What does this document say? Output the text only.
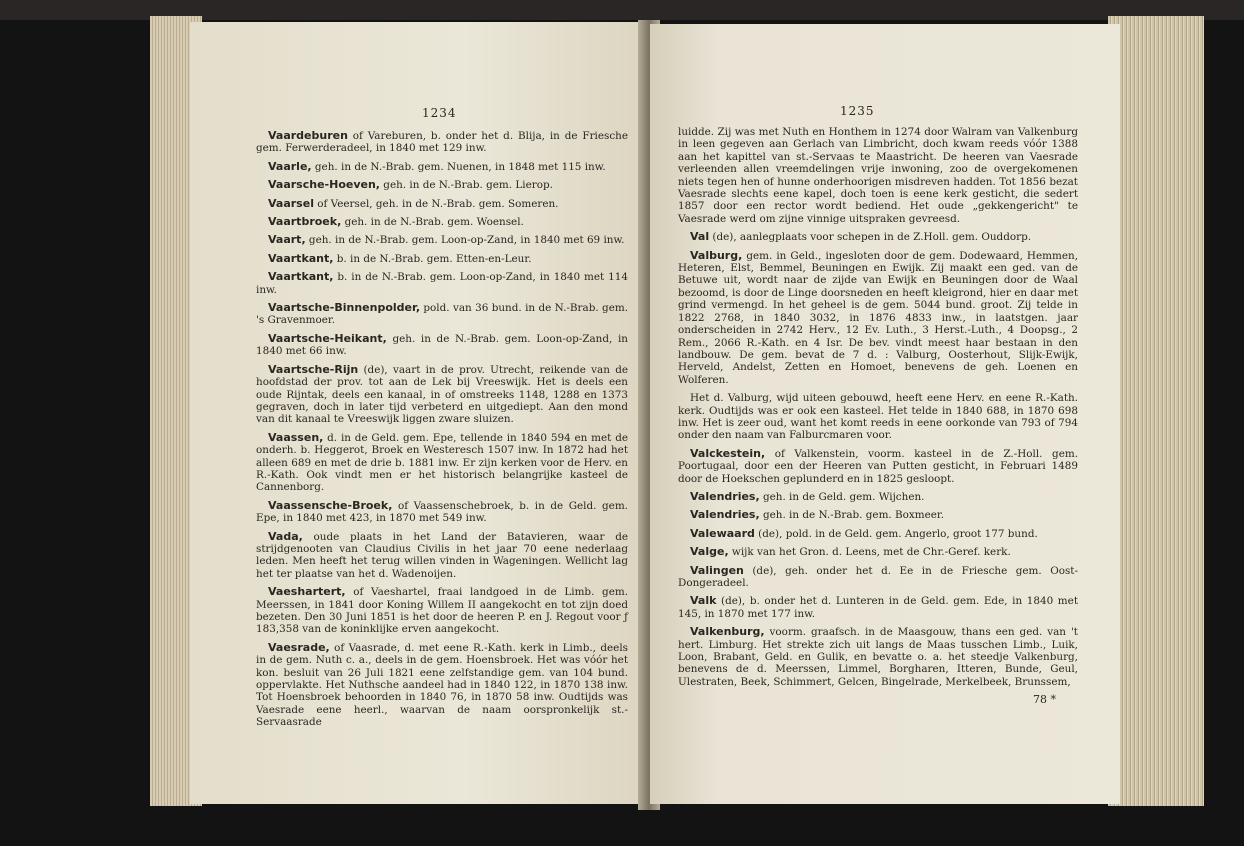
1234

Vaardeburen of Vareburen, b. onder het d. Blija, in de Friesche gem. Ferwerderadeel, in 1840 met 129 inw.

Vaarle, geh. in de N.-Brab. gem. Nuenen, in 1848 met 115 inw.

Vaarsche-Hoeven, geh. in de N.-Brab. gem. Lierop.

Vaarsel of Veersel, geh. in de N.-Brab. gem. Someren.

Vaartbroek, geh. in de N.-Brab. gem. Woensel.

Vaart, geh. in de N.-Brab. gem. Loon-op-Zand, in 1840 met 69 inw.

Vaartkant, b. in de N.-Brab. gem. Etten-en-Leur.

Vaartkant, b. in de N.-Brab. gem. Loon-op-Zand, in 1840 met 114 inw.

Vaartsche-Binnenpolder, pold. van 36 bund. in de N.-Brab. gem. 's Gravenmoer.

Vaartsche-Heikant, geh. in de N.-Brab. gem. Loon-op-Zand, in 1840 met 66 inw.

Vaartsche-Rijn (de), vaart in de prov. Utrecht, reikende van de hoofdstad der prov. tot aan de Lek bij Vreeswijk. Het is deels een oude Rijntak, deels een kanaal, in of omstreeks 1148, 1288 en 1373 gegraven, doch in later tijd verbeterd en uitgediept. Aan den mond van dit kanaal te Vreeswijk liggen zware sluizen.

Vaassen, d. in de Geld. gem. Epe, tellende in 1840 594 en met de onderh. b. Heggerot, Broek en Westeresch 1507 inw. In 1872 had het alleen 689 en met de drie b. 1881 inw. Er zijn kerken voor de Herv. en R.-Kath. Ook vindt men er het historisch belangrijke kasteel de Cannenborg.

Vaassensche-Broek, of Vaassenschebroek, b. in de Geld. gem. Epe, in 1840 met 423, in 1870 met 549 inw.

Vada, oude plaats in het Land der Batavieren, waar de strijdgenooten van Claudius Civilis in het jaar 70 eene nederlaag leden. Men heeft het terug willen vinden in Wageningen. Wellicht lag het ter plaatse van het d. Wadenoijen.

Vaeshartert, of Vaeshartel, fraai landgoed in de Limb. gem. Meerssen, in 1841 door Koning Willem II aangekocht en tot zijn doed bezeten. Den 30 Juni 1851 is het door de heeren P. en J. Regout voor ƒ 183,358 van de koninklijke erven aangekocht.

Vaesrade, of Vaasrade, d. met eene R.-Kath. kerk in Limb., deels in de gem. Nuth c. a., deels in de gem. Hoensbroek. Het was vóór het kon. besluit van 26 Juli 1821 eene zelfstandige gem. van 104 bund. oppervlakte. Het Nuthsche aandeel had in 1840 122, in 1870 138 inw. Tot Hoensbroek behoorden in 1840 76, in 1870 58 inw. Oudtijds was Vaesrade eene heerl., waarvan de naam oorspronkelijk st.-Servaasrade

1235

luidde. Zij was met Nuth en Honthem in 1274 door Walram van Valkenburg in leen gegeven aan Gerlach van Limbricht, doch kwam reeds vóór 1388 aan het kapittel van st.-Servaas te Maastricht. De heeren van Vaesrade verleenden allen vreemdelingen vrije inwoning, zoo de overgekomenen niets tegen hen of hunne onderhoorigen misdreven hadden. Tot 1856 bezat Vaesrade slechts eene kapel, doch toen is eene kerk gesticht, die sedert 1857 door een rector wordt bediend. Het oude „gekkengericht" te Vaesrade werd om zijne vinnige uitspraken gevreesd.

Val (de), aanlegplaats voor schepen in de Z.Holl. gem. Ouddorp.

Valburg, gem. in Geld., ingesloten door de gem. Dodewaard, Hemmen, Heteren, Elst, Bemmel, Beuningen en Ewijk. Zij maakt een ged. van de Betuwe uit, wordt naar de zijde van Ewijk en Beuningen door de Waal bezoomd, is door de Linge doorsneden en heeft kleigrond, hier en daar met grind vermengd. In het geheel is de gem. 5044 bund. groot. Zij telde in 1822 2768, in 1840 3032, in 1876 4833 inw., in laatstgen. jaar onderscheiden in 2742 Herv., 12 Ev. Luth., 3 Herst.-Luth., 4 Doopsg., 2 Rem., 2066 R.-Kath. en 4 Isr. De bev. vindt meest haar bestaan in den landbouw. De gem. bevat de 7 d. : Valburg, Oosterhout, Slijk-Ewijk, Herveld, Andelst, Zetten en Homoet, benevens de geh. Loenen en Wolferen.

Het d. Valburg, wijd uiteen gebouwd, heeft eene Herv. en eene R.-Kath. kerk. Oudtijds was er ook een kasteel. Het telde in 1840 688, in 1870 698 inw. Het is zeer oud, want het komt reeds in eene oorkonde van 793 of 794 onder den naam van Falburcmaren voor.

Valckestein, of Valkenstein, voorm. kasteel in de Z.-Holl. gem. Poortugaal, door een der Heeren van Putten gesticht, in Februari 1489 door de Hoekschen geplunderd en in 1825 gesloopt.

Valendries, geh. in de Geld. gem. Wijchen.

Valendries, geh. in de N.-Brab. gem. Boxmeer.

Valewaard (de), pold. in de Geld. gem. Angerlo, groot 177 bund.

Valge, wijk van het Gron. d. Leens, met de Chr.-Geref. kerk.

Valingen (de), geh. onder het d. Ee in de Friesche gem. Oost-Dongeradeel.

Valk (de), b. onder het d. Lunteren in de Geld. gem. Ede, in 1840 met 145, in 1870 met 177 inw.

Valkenburg, voorm. graafsch. in de Maasgouw, thans een ged. van 't hert. Limburg. Het strekte zich uit langs de Maas tusschen Limb., Luik, Loon, Brabant, Geld. en Gulik, en bevatte o. a. het steedje Valkenburg, benevens de d. Meerssen, Limmel, Borgharen, Itteren, Bunde, Geul, Ulestraten, Beek, Schimmert, Gelcen, Bingelrade, Merkelbeek, Brunssem,

78 *
